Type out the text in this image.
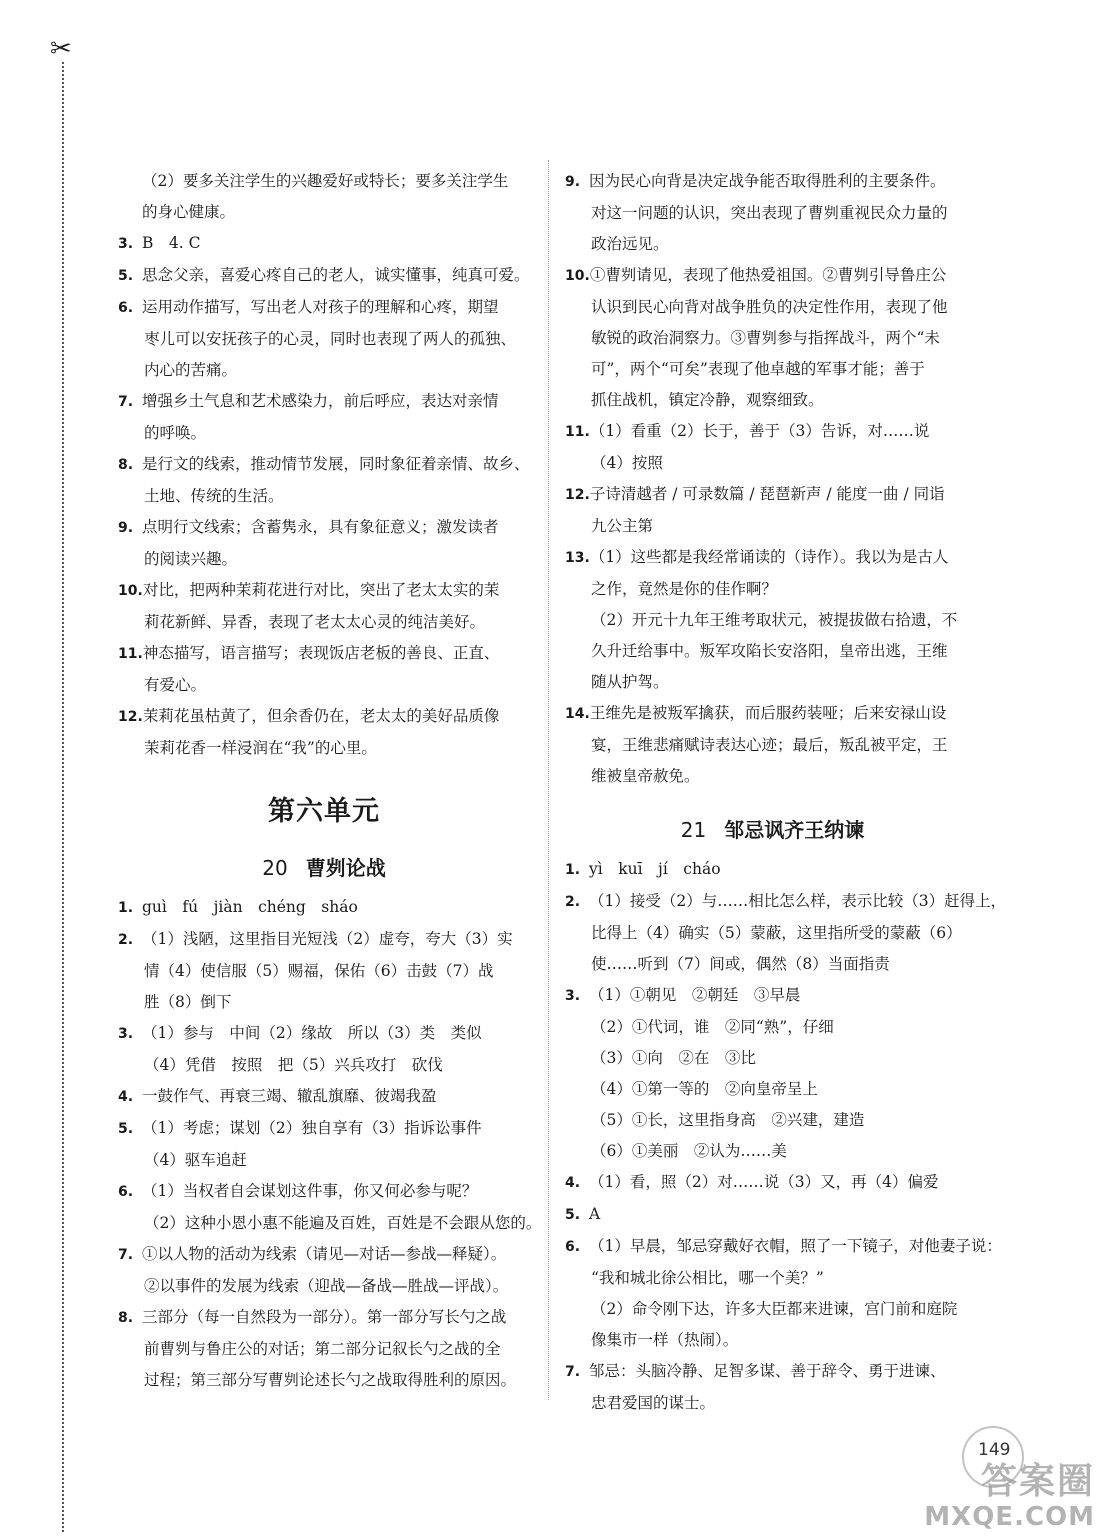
✂
（2）要多关注学生的兴趣爱好或特长；要多关注学生
的身心健康。
3. B　4. C
5. 思念父亲，喜爱心疼自己的老人，诚实懂事，纯真可爱。
6. 运用动作描写，写出老人对孩子的理解和心疼，期望
枣儿可以安抚孩子的心灵，同时也表现了两人的孤独、
内心的苦痛。
7. 增强乡土气息和艺术感染力，前后呼应，表达对亲情
的呼唤。
8. 是行文的线索，推动情节发展，同时象征着亲情、故乡、
土地、传统的生活。
9. 点明行文线索；含蓄隽永，具有象征意义；激发读者
的阅读兴趣。
10.对比，把两种茉莉花进行对比，突出了老太太实的茉
莉花新鲜、异香，表现了老太太心灵的纯洁美好。
11.神态描写，语言描写；表现饭店老板的善良、正直、
有爱心。
12.茉莉花虽枯黄了，但余香仍在，老太太的美好品质像
茉莉花香一样浸润在“我”的心里。
第六单元
20 曹刿论战
1. guì　fú　jiàn　chéng　sháo
2. （1）浅陋，这里指目光短浅（2）虚夸，夸大（3）实
情（4）使信服（5）赐福，保佑（6）击鼓（7）战
胜（8）倒下
3. （1）参与　中间（2）缘故　所以（3）类　类似
（4）凭借　按照　把（5）兴兵攻打　砍伐
4. 一鼓作气、再衰三竭、辙乱旗靡、彼竭我盈
5. （1）考虑；谋划（2）独自享有（3）指诉讼事件
（4）驱车追赶
6. （1）当权者自会谋划这件事，你又何必参与呢？
（2）这种小恩小惠不能遍及百姓，百姓是不会跟从您的。
7. ①以人物的活动为线索（请见—对话—参战—释疑）。
②以事件的发展为线索（迎战—备战—胜战—评战）。
8. 三部分（每一自然段为一部分）。第一部分写长勺之战
前曹刿与鲁庄公的对话；第二部分记叙长勺之战的全
过程；第三部分写曹刿论述长勺之战取得胜利的原因。
9. 因为民心向背是决定战争能否取得胜利的主要条件。
对这一问题的认识，突出表现了曹刿重视民众力量的
政治远见。
10.①曹刿请见，表现了他热爱祖国。②曹刿引导鲁庄公
认识到民心向背对战争胜负的决定性作用，表现了他
敏锐的政治洞察力。③曹刿参与指挥战斗，两个“未
可”，两个“可矣”表现了他卓越的军事才能；善于
抓住战机，镇定冷静，观察细致。
11.（1）看重（2）长于，善于（3）告诉，对……说
（4）按照
12.子诗清越者 / 可录数篇 / 琵琶新声 / 能度一曲 / 同诣
九公主第
13.（1）这些都是我经常诵读的（诗作）。我以为是古人
之作，竟然是你的佳作啊？
（2）开元十九年王维考取状元，被提拔做右拾遗，不
久升迁给事中。叛军攻陷长安洛阳，皇帝出逃，王维
随从护驾。
14.王维先是被叛军擒获，而后服药装哑；后来安禄山设
宴，王维悲痛赋诗表达心迹；最后，叛乱被平定，王
维被皇帝赦免。
21 邹忌讽齐王纳谏
1. yì　kuī　jí　cháo
2. （1）接受（2）与……相比怎么样，表示比较（3）赶得上，
比得上（4）确实（5）蒙蔽，这里指所受的蒙蔽（6）
使……听到（7）间或，偶然（8）当面指责
3. （1）①朝见　②朝廷　③早晨
（2）①代词，谁　②同“熟”，仔细
（3）①向　②在　③比
（4）①第一等的　②向皇帝呈上
（5）①长，这里指身高　②兴建，建造
（6）①美丽　②认为……美
4. （1）看，照（2）对……说（3）又，再（4）偏爱
5. A
6. （1）早晨，邹忌穿戴好衣帽，照了一下镜子，对他妻子说：
“我和城北徐公相比，哪一个美？”
（2）命令刚下达，许多大臣都来进谏，宫门前和庭院
像集市一样（热闹）。
7. 邹忌：头脑冷静、足智多谋、善于辞令、勇于进谏、
忠君爱国的谋士。
149
答案圈
MXQE.COM
